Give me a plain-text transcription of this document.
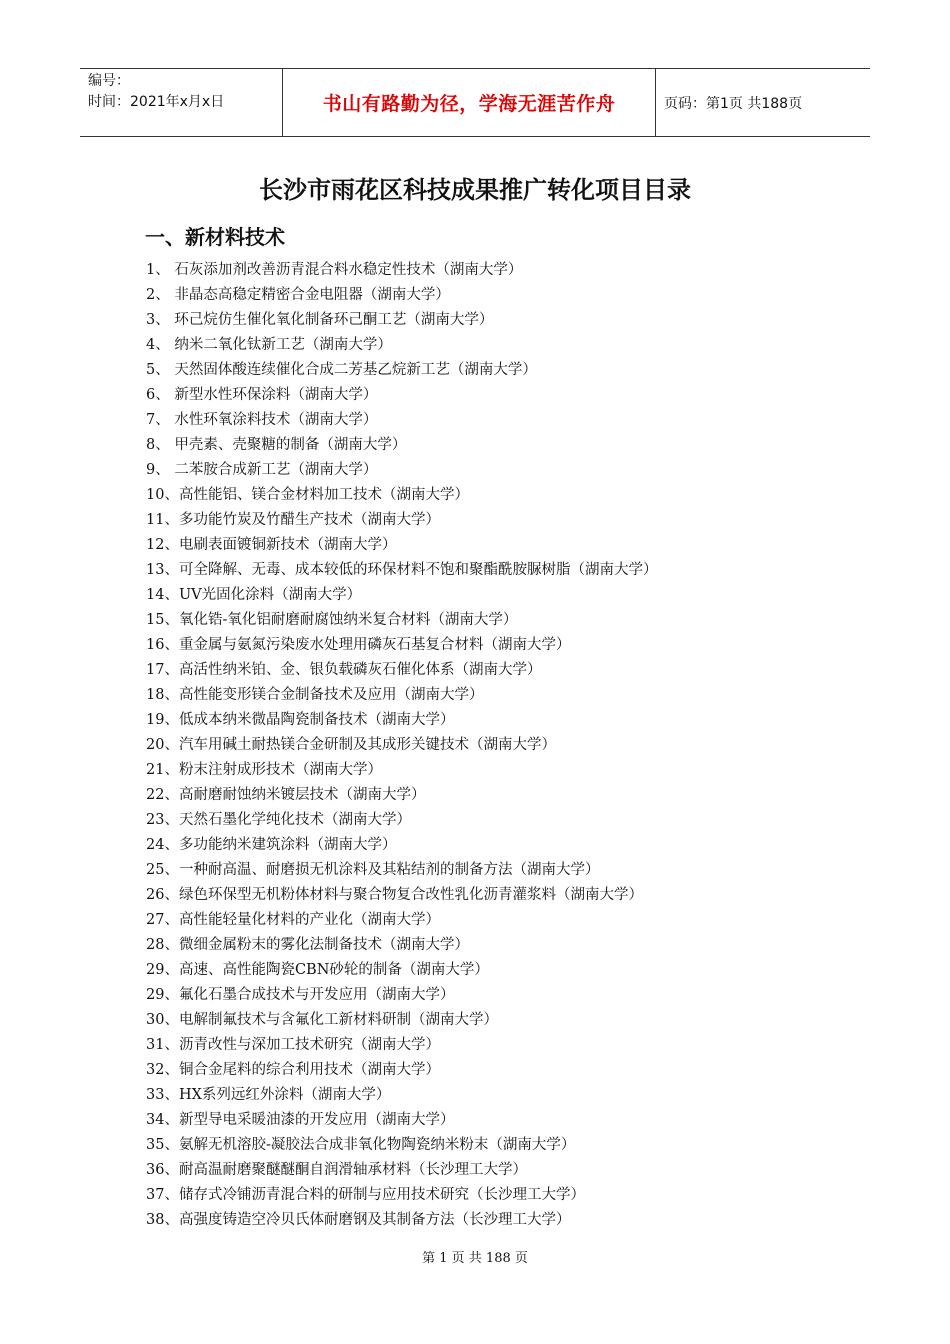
编号：
时间：2021年x月x日	书山有路勤为径，学海无涯苦作舟	页码：第1页 共188页
长沙市雨花区科技成果推广转化项目目录
一、新材料技术
1、 石灰添加剂改善沥青混合料水稳定性技术（湖南大学）
2、 非晶态高稳定精密合金电阻器（湖南大学）
3、 环己烷仿生催化氧化制备环己酮工艺（湖南大学）
4、 纳米二氧化钛新工艺（湖南大学）
5、 天然固体酸连续催化合成二芳基乙烷新工艺（湖南大学）
6、 新型水性环保涂料（湖南大学）
7、 水性环氧涂料技术（湖南大学）
8、 甲壳素、壳聚糖的制备（湖南大学）
9、 二苯胺合成新工艺（湖南大学）
10、高性能铝、镁合金材料加工技术（湖南大学）
11、多功能竹炭及竹醋生产技术（湖南大学）
12、电刷表面镀铜新技术（湖南大学）
13、可全降解、无毒、成本较低的环保材料不饱和聚酯酰胺脲树脂（湖南大学）
14、UV光固化涂料（湖南大学）
15、氧化锆-氧化铝耐磨耐腐蚀纳米复合材料（湖南大学）
16、重金属与氨氮污染废水处理用磷灰石基复合材料（湖南大学）
17、高活性纳米铂、金、银负载磷灰石催化体系（湖南大学）
18、高性能变形镁合金制备技术及应用（湖南大学）
19、低成本纳米微晶陶瓷制备技术（湖南大学）
20、汽车用碱土耐热镁合金研制及其成形关键技术（湖南大学）
21、粉末注射成形技术（湖南大学）
22、高耐磨耐蚀纳米镀层技术（湖南大学）
23、天然石墨化学纯化技术（湖南大学）
24、多功能纳米建筑涂料（湖南大学）
25、一种耐高温、耐磨损无机涂料及其粘结剂的制备方法（湖南大学）
26、绿色环保型无机粉体材料与聚合物复合改性乳化沥青灌浆料（湖南大学）
27、高性能轻量化材料的产业化（湖南大学）
28、微细金属粉末的雾化法制备技术（湖南大学）
29、高速、高性能陶瓷CBN砂轮的制备（湖南大学）
29、氟化石墨合成技术与开发应用（湖南大学）
30、电解制氟技术与含氟化工新材料研制（湖南大学）
31、沥青改性与深加工技术研究（湖南大学）
32、铜合金尾料的综合利用技术（湖南大学）
33、HX系列远红外涂料（湖南大学）
34、新型导电采暖油漆的开发应用（湖南大学）
35、氨解无机溶胶-凝胶法合成非氧化物陶瓷纳米粉末（湖南大学）
36、耐高温耐磨聚醚醚酮自润滑轴承材料（长沙理工大学）
37、储存式冷铺沥青混合料的研制与应用技术研究（长沙理工大学）
38、高强度铸造空冷贝氏体耐磨钢及其制备方法（长沙理工大学）
第 1 页 共 188 页
